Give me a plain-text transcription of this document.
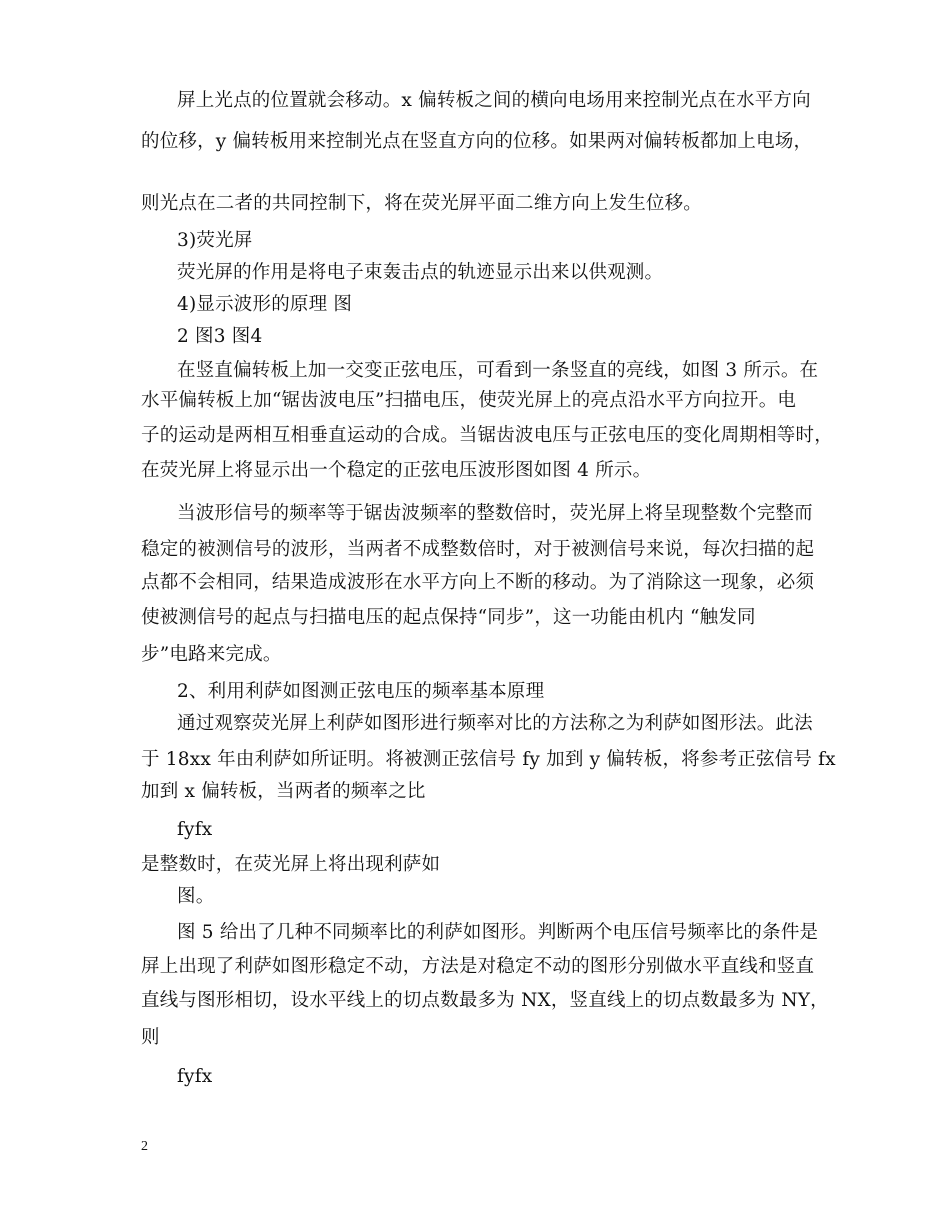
屏上光点的位置就会移动。x 偏转板之间的横向电场用来控制光点在水平方向
的位移，y 偏转板用来控制光点在竖直方向的位移。如果两对偏转板都加上电场，
则光点在二者的共同控制下，将在荧光屏平面二维方向上发生位移。
3)荧光屏
荧光屏的作用是将电子束轰击点的轨迹显示出来以供观测。
4)显示波形的原理 图
2 图3 图4
在竖直偏转板上加一交变正弦电压，可看到一条竖直的亮线，如图 3 所示。在
水平偏转板上加“锯齿波电压”扫描电压，使荧光屏上的亮点沿水平方向拉开。电
子的运动是两相互相垂直运动的合成。当锯齿波电压与正弦电压的变化周期相等时，
在荧光屏上将显示出一个稳定的正弦电压波形图如图 4 所示。
当波形信号的频率等于锯齿波频率的整数倍时，荧光屏上将呈现整数个完整而
稳定的被测信号的波形，当两者不成整数倍时，对于被测信号来说，每次扫描的起
点都不会相同，结果造成波形在水平方向上不断的移动。为了消除这一现象，必须
使被测信号的起点与扫描电压的起点保持“同步”，这一功能由机内 “触发同
步”电路来完成。
2、利用利萨如图测正弦电压的频率基本原理
通过观察荧光屏上利萨如图形进行频率对比的方法称之为利萨如图形法。此法
于 18xx 年由利萨如所证明。将被测正弦信号 fy 加到 y 偏转板，将参考正弦信号 fx
加到 x 偏转板，当两者的频率之比
fyfx
是整数时，在荧光屏上将出现利萨如
图。
图 5 给出了几种不同频率比的利萨如图形。判断两个电压信号频率比的条件是
屏上出现了利萨如图形稳定不动，方法是对稳定不动的图形分别做水平直线和竖直
直线与图形相切，设水平线上的切点数最多为 NX，竖直线上的切点数最多为 NY，
则
fyfx
2
